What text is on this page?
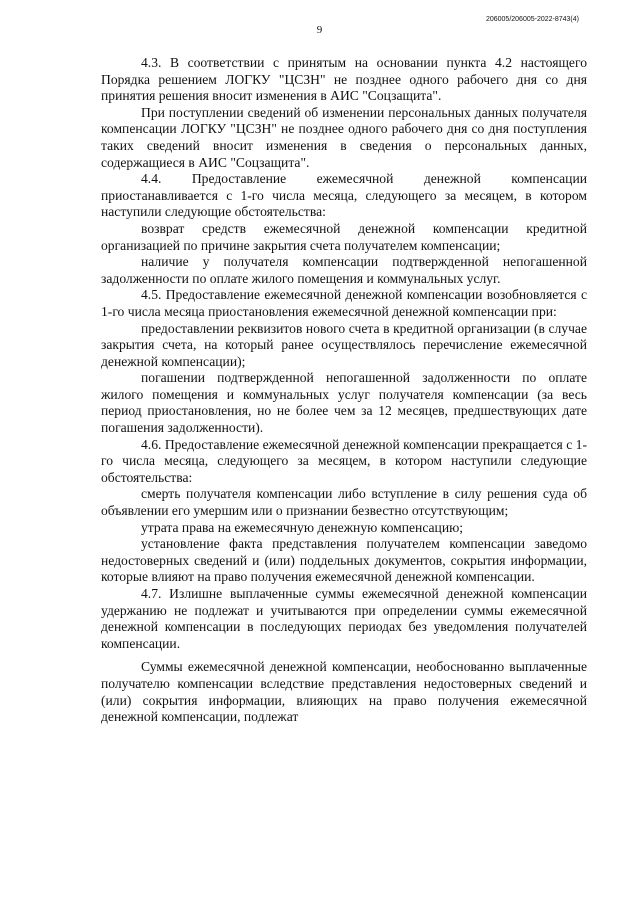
9

206005/206005-2022-8743(4)

4.3. В соответствии с принятым на основании пункта 4.2 настоящего Порядка решением ЛОГКУ "ЦСЗН" не позднее одного рабочего дня со дня принятия решения вносит изменения в АИС "Соцзащита".

При поступлении сведений об изменении персональных данных получателя компенсации ЛОГКУ "ЦСЗН" не позднее одного рабочего дня со дня поступления таких сведений вносит изменения в сведения о персональных данных, содержащиеся в АИС "Соцзащита".

4.4. Предоставление ежемесячной денежной компенсации приостанавливается с 1-го числа месяца, следующего за месяцем, в котором наступили следующие обстоятельства:

возврат средств ежемесячной денежной компенсации кредитной организацией по причине закрытия счета получателем компенсации;

наличие у получателя компенсации подтвержденной непогашенной задолженности по оплате жилого помещения и коммунальных услуг.

4.5. Предоставление ежемесячной денежной компенсации возобновляется с 1-го числа месяца приостановления ежемесячной денежной компенсации при:

предоставлении реквизитов нового счета в кредитной организации (в случае закрытия счета, на который ранее осуществлялось перечисление ежемесячной денежной компенсации);

погашении подтвержденной непогашенной задолженности по оплате жилого помещения и коммунальных услуг получателя компенсации (за весь период приостановления, но не более чем за 12 месяцев, предшествующих дате погашения задолженности).

4.6. Предоставление ежемесячной денежной компенсации прекращается с 1-го числа месяца, следующего за месяцем, в котором наступили следующие обстоятельства:

смерть получателя компенсации либо вступление в силу решения суда об объявлении его умершим или о признании безвестно отсутствующим;

утрата права на ежемесячную денежную компенсацию;

установление факта представления получателем компенсации заведомо недостоверных сведений и (или) поддельных документов, сокрытия информации, которые влияют на право получения ежемесячной денежной компенсации.

4.7. Излишне выплаченные суммы ежемесячной денежной компенсации удержанию не подлежат и учитываются при определении суммы ежемесячной денежной компенсации в последующих периодах без уведомления получателей компенсации.

Суммы ежемесячной денежной компенсации, необоснованно выплаченные получателю компенсации вследствие представления недостоверных сведений и (или) сокрытия информации, влияющих на право получения ежемесячной денежной компенсации, подлежат
